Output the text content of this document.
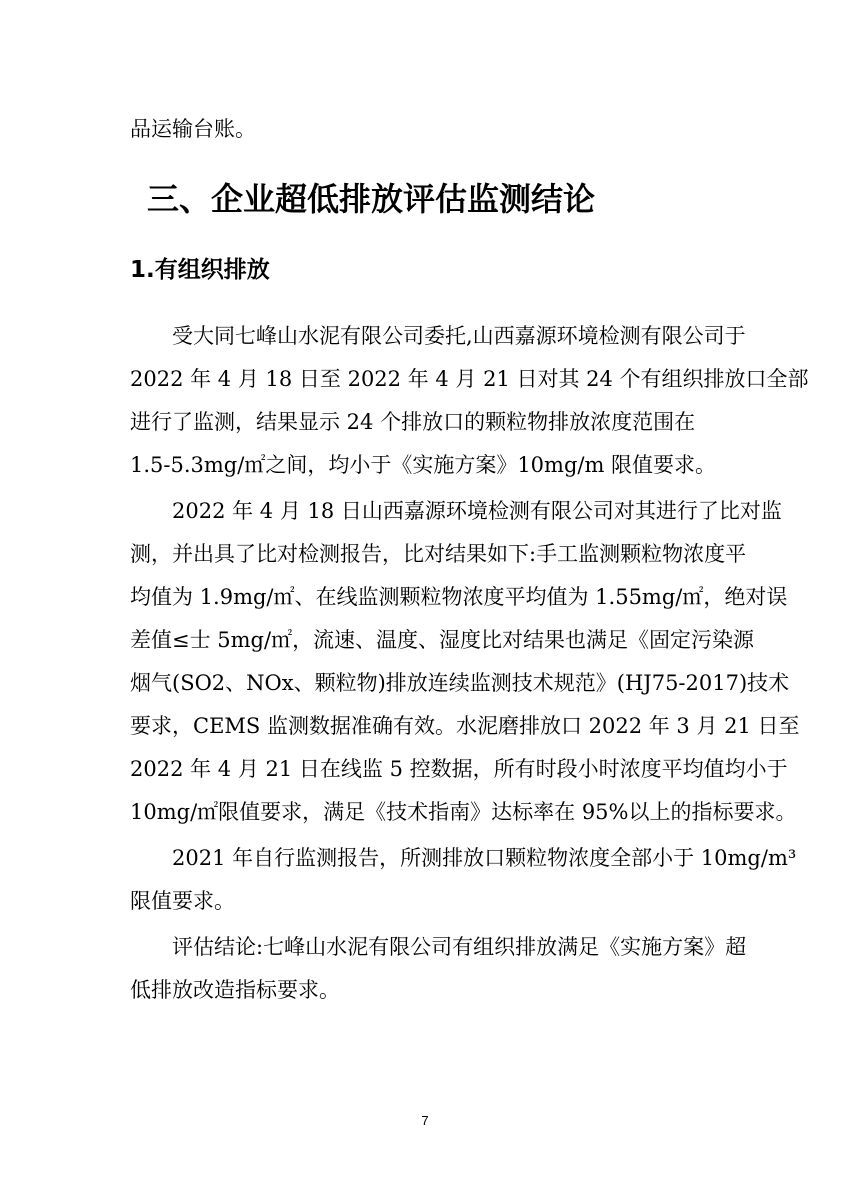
品运输台账。
三、企业超低排放评估监测结论
1.有组织排放
受大同七峰山水泥有限公司委托,山西嘉源环境检测有限公司于
2022 年 4 月 18 日至 2022 年 4 月 21 日对其 24 个有组织排放口全部
进行了监测，结果显示 24 个排放口的颗粒物排放浓度范围在
1.5-5.3mg/㎡之间，均小于《实施方案》10mg/m 限值要求。
2022 年 4 月 18 日山西嘉源环境检测有限公司对其进行了比对监
测，并出具了比对检测报告，比对结果如下:手工监测颗粒物浓度平
均值为 1.9mg/㎡、在线监测颗粒物浓度平均值为 1.55mg/㎡，绝对误
差值≤士 5mg/㎡，流速、温度、湿度比对结果也满足《固定污染源
烟气(SO2、NOx、颗粒物)排放连续监测技术规范》(HJ75-2017)技术
要求，CEMS 监测数据准确有效。水泥磨排放口 2022 年 3 月 21 日至
2022 年 4 月 21 日在线监 5 控数据，所有时段小时浓度平均值均小于
10mg/㎡限值要求，满足《技术指南》达标率在 95%以上的指标要求。
2021 年自行监测报告，所测排放口颗粒物浓度全部小于 10mg/m³
限值要求。
评估结论:七峰山水泥有限公司有组织排放满足《实施方案》超
低排放改造指标要求。
7
